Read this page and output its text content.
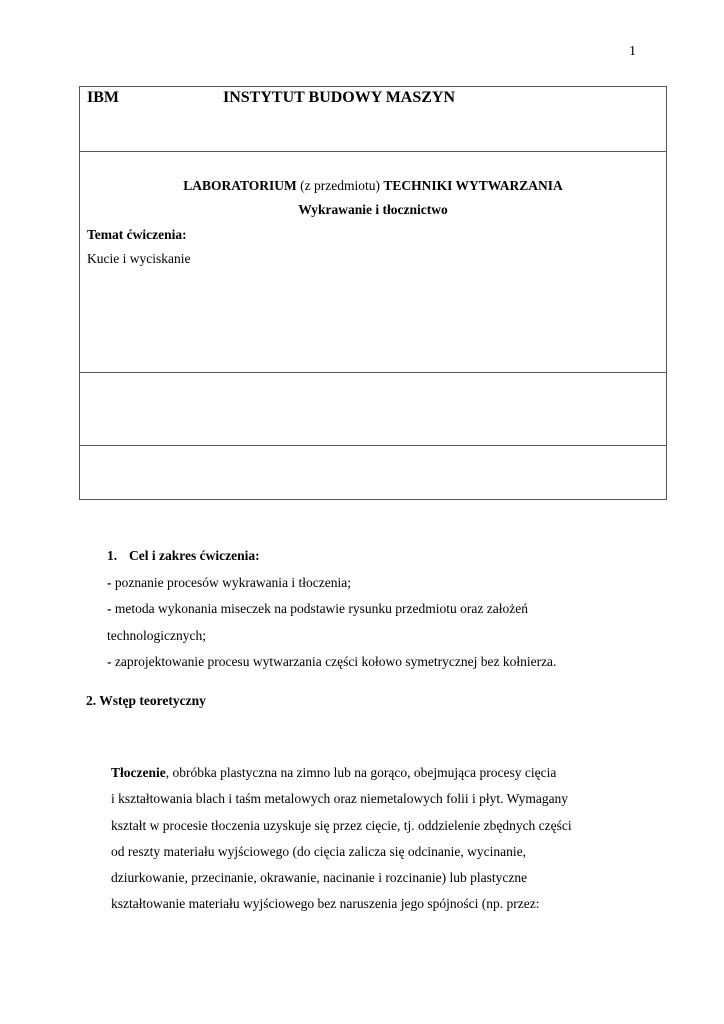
1
IBM	INSTYTUT BUDOWY MASZYN
LABORATORIUM (z przedmiotu) TECHNIKI WYTWARZANIA
Wykrawanie i tłocznictwo
Temat ćwiczenia:
Kucie i wyciskanie
1. Cel i zakres ćwiczenia:
- poznanie procesów wykrawania i tłoczenia;
- metoda wykonania miseczek na podstawie rysunku przedmiotu oraz założeń
technologicznych;
- zaprojektowanie procesu wytwarzania części kołowo symetrycznej bez kołnierza.
2. Wstęp teoretyczny
Tłoczenie, obróbka plastyczna na zimno lub na gorąco, obejmująca procesy cięcia
i kształtowania blach i taśm metalowych oraz niemetalowych folii i płyt. Wymagany
kształt w procesie tłoczenia uzyskuje się przez cięcie, tj. oddzielenie zbędnych części
od reszty materiału wyjściowego (do cięcia zalicza się odcinanie, wycinanie,
dziurkowanie, przecinanie, okrawanie, nacinanie i rozcinanie) lub plastyczne
kształtowanie materiału wyjściowego bez naruszenia jego spójności (np. przez:
